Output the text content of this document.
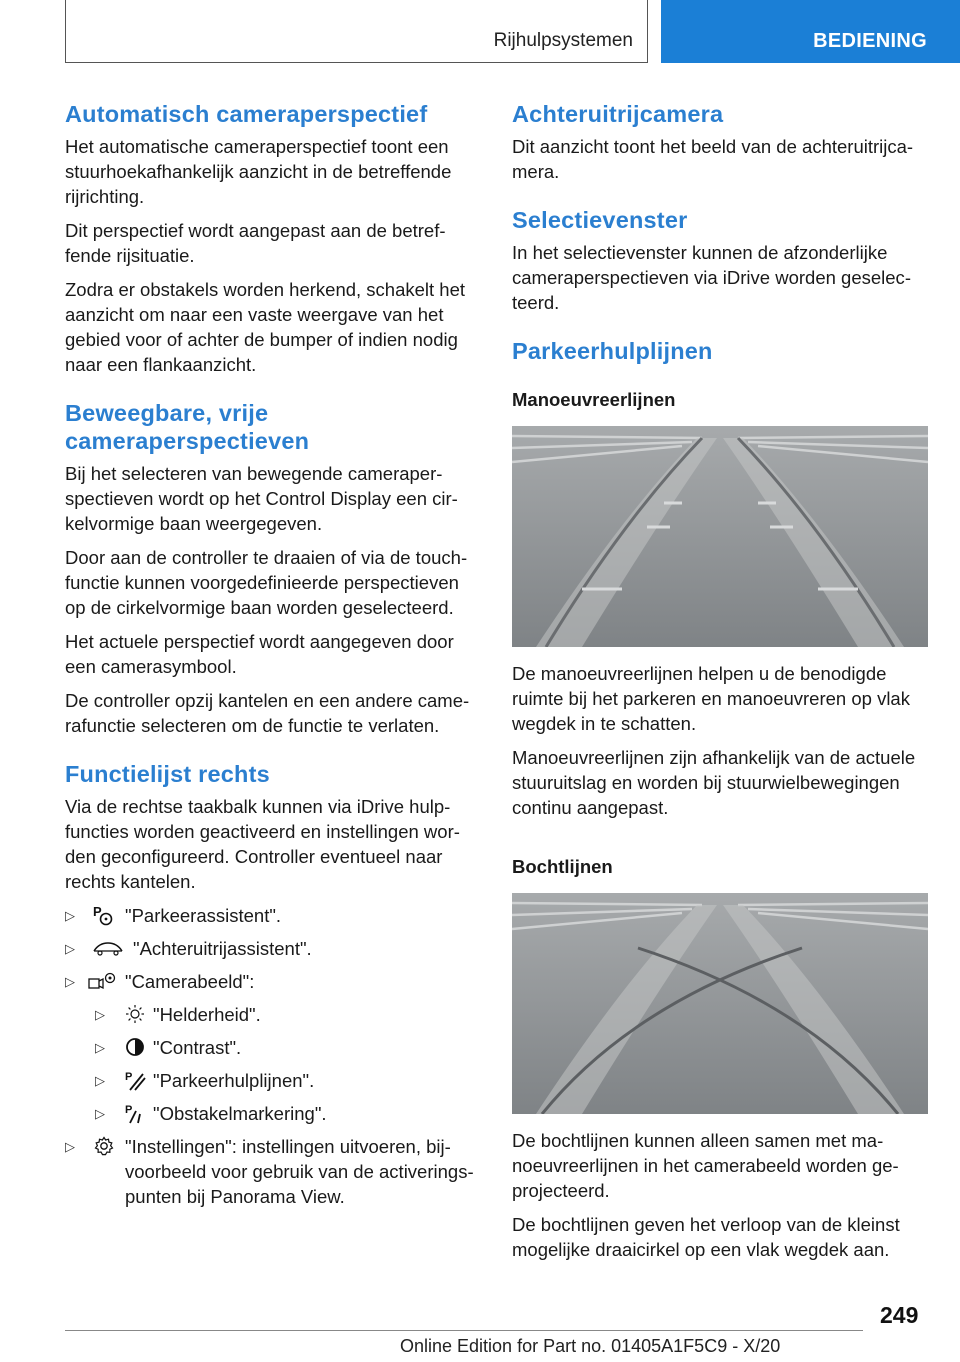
Rijhulpsystemen	BEDIENING
Automatisch cameraperspectief

Het automatische cameraperspectief toont een stuurhoekafhankelijk aanzicht in de betreffende rijrichting.

Dit perspectief wordt aangepast aan de betreffende rijsituatie.

Zodra er obstakels worden herkend, schakelt het aanzicht om naar een vaste weergave van het gebied voor of achter de bumper of indien nodig naar een flankaanzicht.

Beweegbare, vrije cameraperspectieven

Bij het selecteren van bewegende cameraperspectieven wordt op het Control Display een cirkelvormige baan weergegeven.

Door aan de controller te draaien of via de touchfunctie kunnen voorgedefinieerde perspectieven op de cirkelvormige baan worden geselecteerd.

Het actuele perspectief wordt aangegeven door een camerasymbool.

De controller opzij kantelen en een andere camerafunctie selecteren om de functie te verlaten.

Functielijst rechts

Via de rechtse taakbalk kunnen via iDrive hulpfuncties worden geactiveerd en instellingen worden geconfigureerd. Controller eventueel naar rechts kantelen.

▷ P "Parkeerassistent".
▷	"Achteruitrijassistent".
▷	"Camerabeeld":
▷	"Helderheid".
▷	"Contrast".
▷ P "Parkeerhulplijnen".
▷ P "Obstakelmarkering".
▷	"Instellingen": instellingen uitvoeren, bijvoorbeeld voor gebruik van de activeringspunten bij Panorama View.
Achteruitrijcamera

Dit aanzicht toont het beeld van de achteruitrijcamera.

Selectievenster

In het selectievenster kunnen de afzonderlijke cameraperspectieven via iDrive worden geselecteerd.

Parkeerhulplijnen
Manoeuvreerlijnen

De manoeuvreerlijnen helpen u de benodigde ruimte bij het parkeren en manoeuvreren op vlak wegdek in te schatten.

Manoeuvreerlijnen zijn afhankelijk van de actuele stuuruitslag en worden bij stuurwielbewegingen continu aangepast.

Bochtlijnen

De bochtlijnen kunnen alleen samen met manoeuvreerlijnen in het camerabeeld worden geprojecteerd.

De bochtlijnen geven het verloop van de kleinst mogelijke draaicirkel op een vlak wegdek aan.

249
Online Edition for Part no. 01405A1F5C9 - X/20
